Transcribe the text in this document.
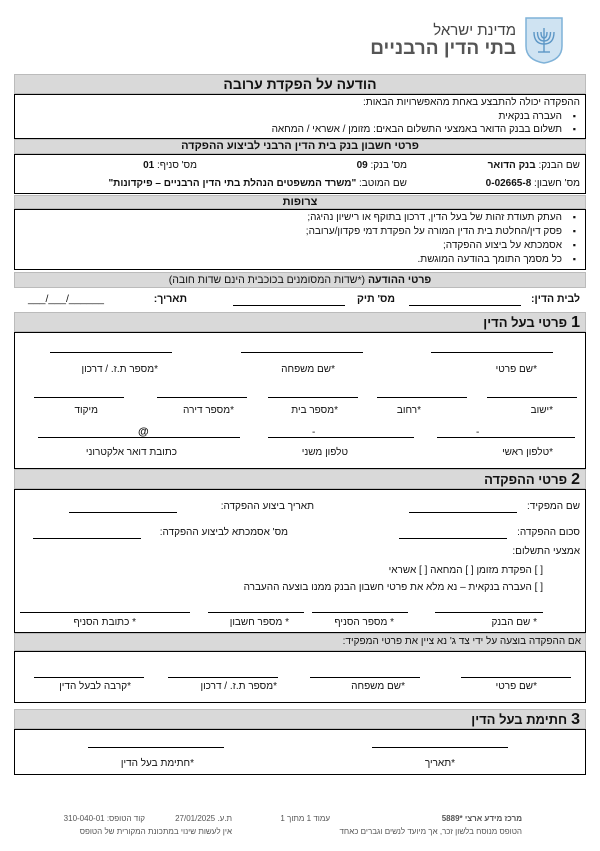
מדינת ישראל
בתי הדין הרבניים
הודעה על הפקדת ערובה
ההפקדה יכולה להתבצע באחת מהאפשרויות הבאות:
▪ העברה בנקאית
▪ תשלום בבנק הדואר באמצעי התשלום הבאים: מזומן / אשראי / המחאה
פרטי חשבון בנק בית הדין הרבני לביצוע ההפקדה
שם הבנק: בנק הדואר
מס' בנק: 09
מס' סניף: 01
מס' חשבון: 0-02665-8
שם המוטב: "משרד המשפטים הנהלת בתי הדין הרבניים – פיקדונות"
צרופות
▪ העתק תעודת זהות של בעל הדין, דרכון בתוקף או רישיון נהיגה;
▪ פסק דין/החלטת בית הדין המורה על הפקדת דמי פקדון/ערובה;
▪ אסמכתא על ביצוע ההפקדה;
▪ כל מסמך התומך בהודעה המוגשת.
פרטי ההודעה (*שדות המסומנים בכוכבית הינם שדות חובה)
לבית הדין:
מס' תיק
תאריך:
___/___/______
1פרטי בעל הדין
*שם פרטי
*שם משפחה
*מספר ת.ז. / דרכון
*ישוב
*רחוב
*מספר בית
*מספר דירה
מיקוד
-
-
@
*טלפון ראשי
טלפון משני
כתובת דואר אלקטרוני
2פרטי ההפקדה
שם המפקיד:
תאריך ביצוע ההפקדה:
סכום ההפקדה:
מס' אסמכתא לביצוע ההפקדה:
אמצעי התשלום:
[ ] הפקדת מזומן [ ] המחאה [ ] אשראי
[ ] העברה בנקאית – נא מלא את פרטי חשבון הבנק ממנו בוצעה ההעברה
* שם הבנק
* מספר הסניף
* מספר חשבון
* כתובת הסניף
אם ההפקדה בוצעה על ידי צד ג' נא ציין את פרטי המפקיד:
*שם פרטי
*שם משפחה
*מספר ת.ז. / דרכון
*קרבה לבעל הדין
3חתימת בעל הדין
*תאריך
*חתימת בעל הדין
מרכז מידע ארצי *5889
עמוד 1 מתוך 1
ת.ע. 27/01/2025
קוד הטופס: 310-040-01
הטופס מנוסח בלשון זכר, אך מיועד לנשים וגברים כאחד
אין לעשות שינוי במתכונת המקורית של הטופס
